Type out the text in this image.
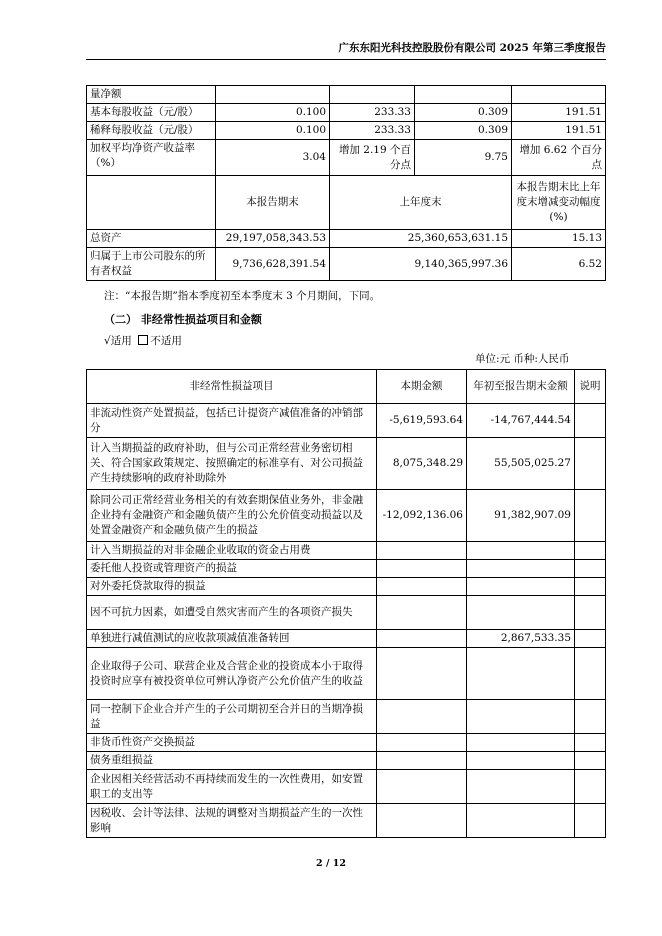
广东东阳光科技控股股份有限公司 2025 年第三季度报告
量净额				
基本每股收益（元/股）	0.100	233.33	0.309	191.51
稀释每股收益（元/股）	0.100	233.33	0.309	191.51
加权平均净资产收益率（%）	3.04	增加 2.19 个百分点	9.75	增加 6.62 个百分点
	本报告期末	上年度末		本报告期末比上年度末增减变动幅度(%)
总资产	29,197,058,343.53	25,360,653,631.15		15.13
归属于上市公司股东的所有者权益	9,736,628,391.54	9,140,365,997.36		6.52
注：“本报告期”指本季度初至本季度末 3 个月期间，下同。
（二） 非经常性损益项目和金额
√适用 不适用
单位:元 币种:人民币
非经常性损益项目	本期金额	年初至报告期末金额	说明
非流动性资产处置损益，包括已计提资产减值准备的冲销部分	-5,619,593.64	-14,767,444.54	
计入当期损益的政府补助，但与公司正常经营业务密切相关、符合国家政策规定、按照确定的标准享有、对公司损益产生持续影响的政府补助除外	8,075,348.29	55,505,025.27	
除同公司正常经营业务相关的有效套期保值业务外，非金融企业持有金融资产和金融负债产生的公允价值变动损益以及处置金融资产和金融负债产生的损益	-12,092,136.06	91,382,907.09	
计入当期损益的对非金融企业收取的资金占用费			
委托他人投资或管理资产的损益			
对外委托贷款取得的损益			
因不可抗力因素，如遭受自然灾害而产生的各项资产损失			
单独进行减值测试的应收款项减值准备转回		2,867,533.35	
企业取得子公司、联营企业及合营企业的投资成本小于取得投资时应享有被投资单位可辨认净资产公允价值产生的收益			
同一控制下企业合并产生的子公司期初至合并日的当期净损益			
非货币性资产交换损益			
债务重组损益			
企业因相关经营活动不再持续而发生的一次性费用，如安置职工的支出等			
因税收、会计等法律、法规的调整对当期损益产生的一次性影响			
2 / 12
